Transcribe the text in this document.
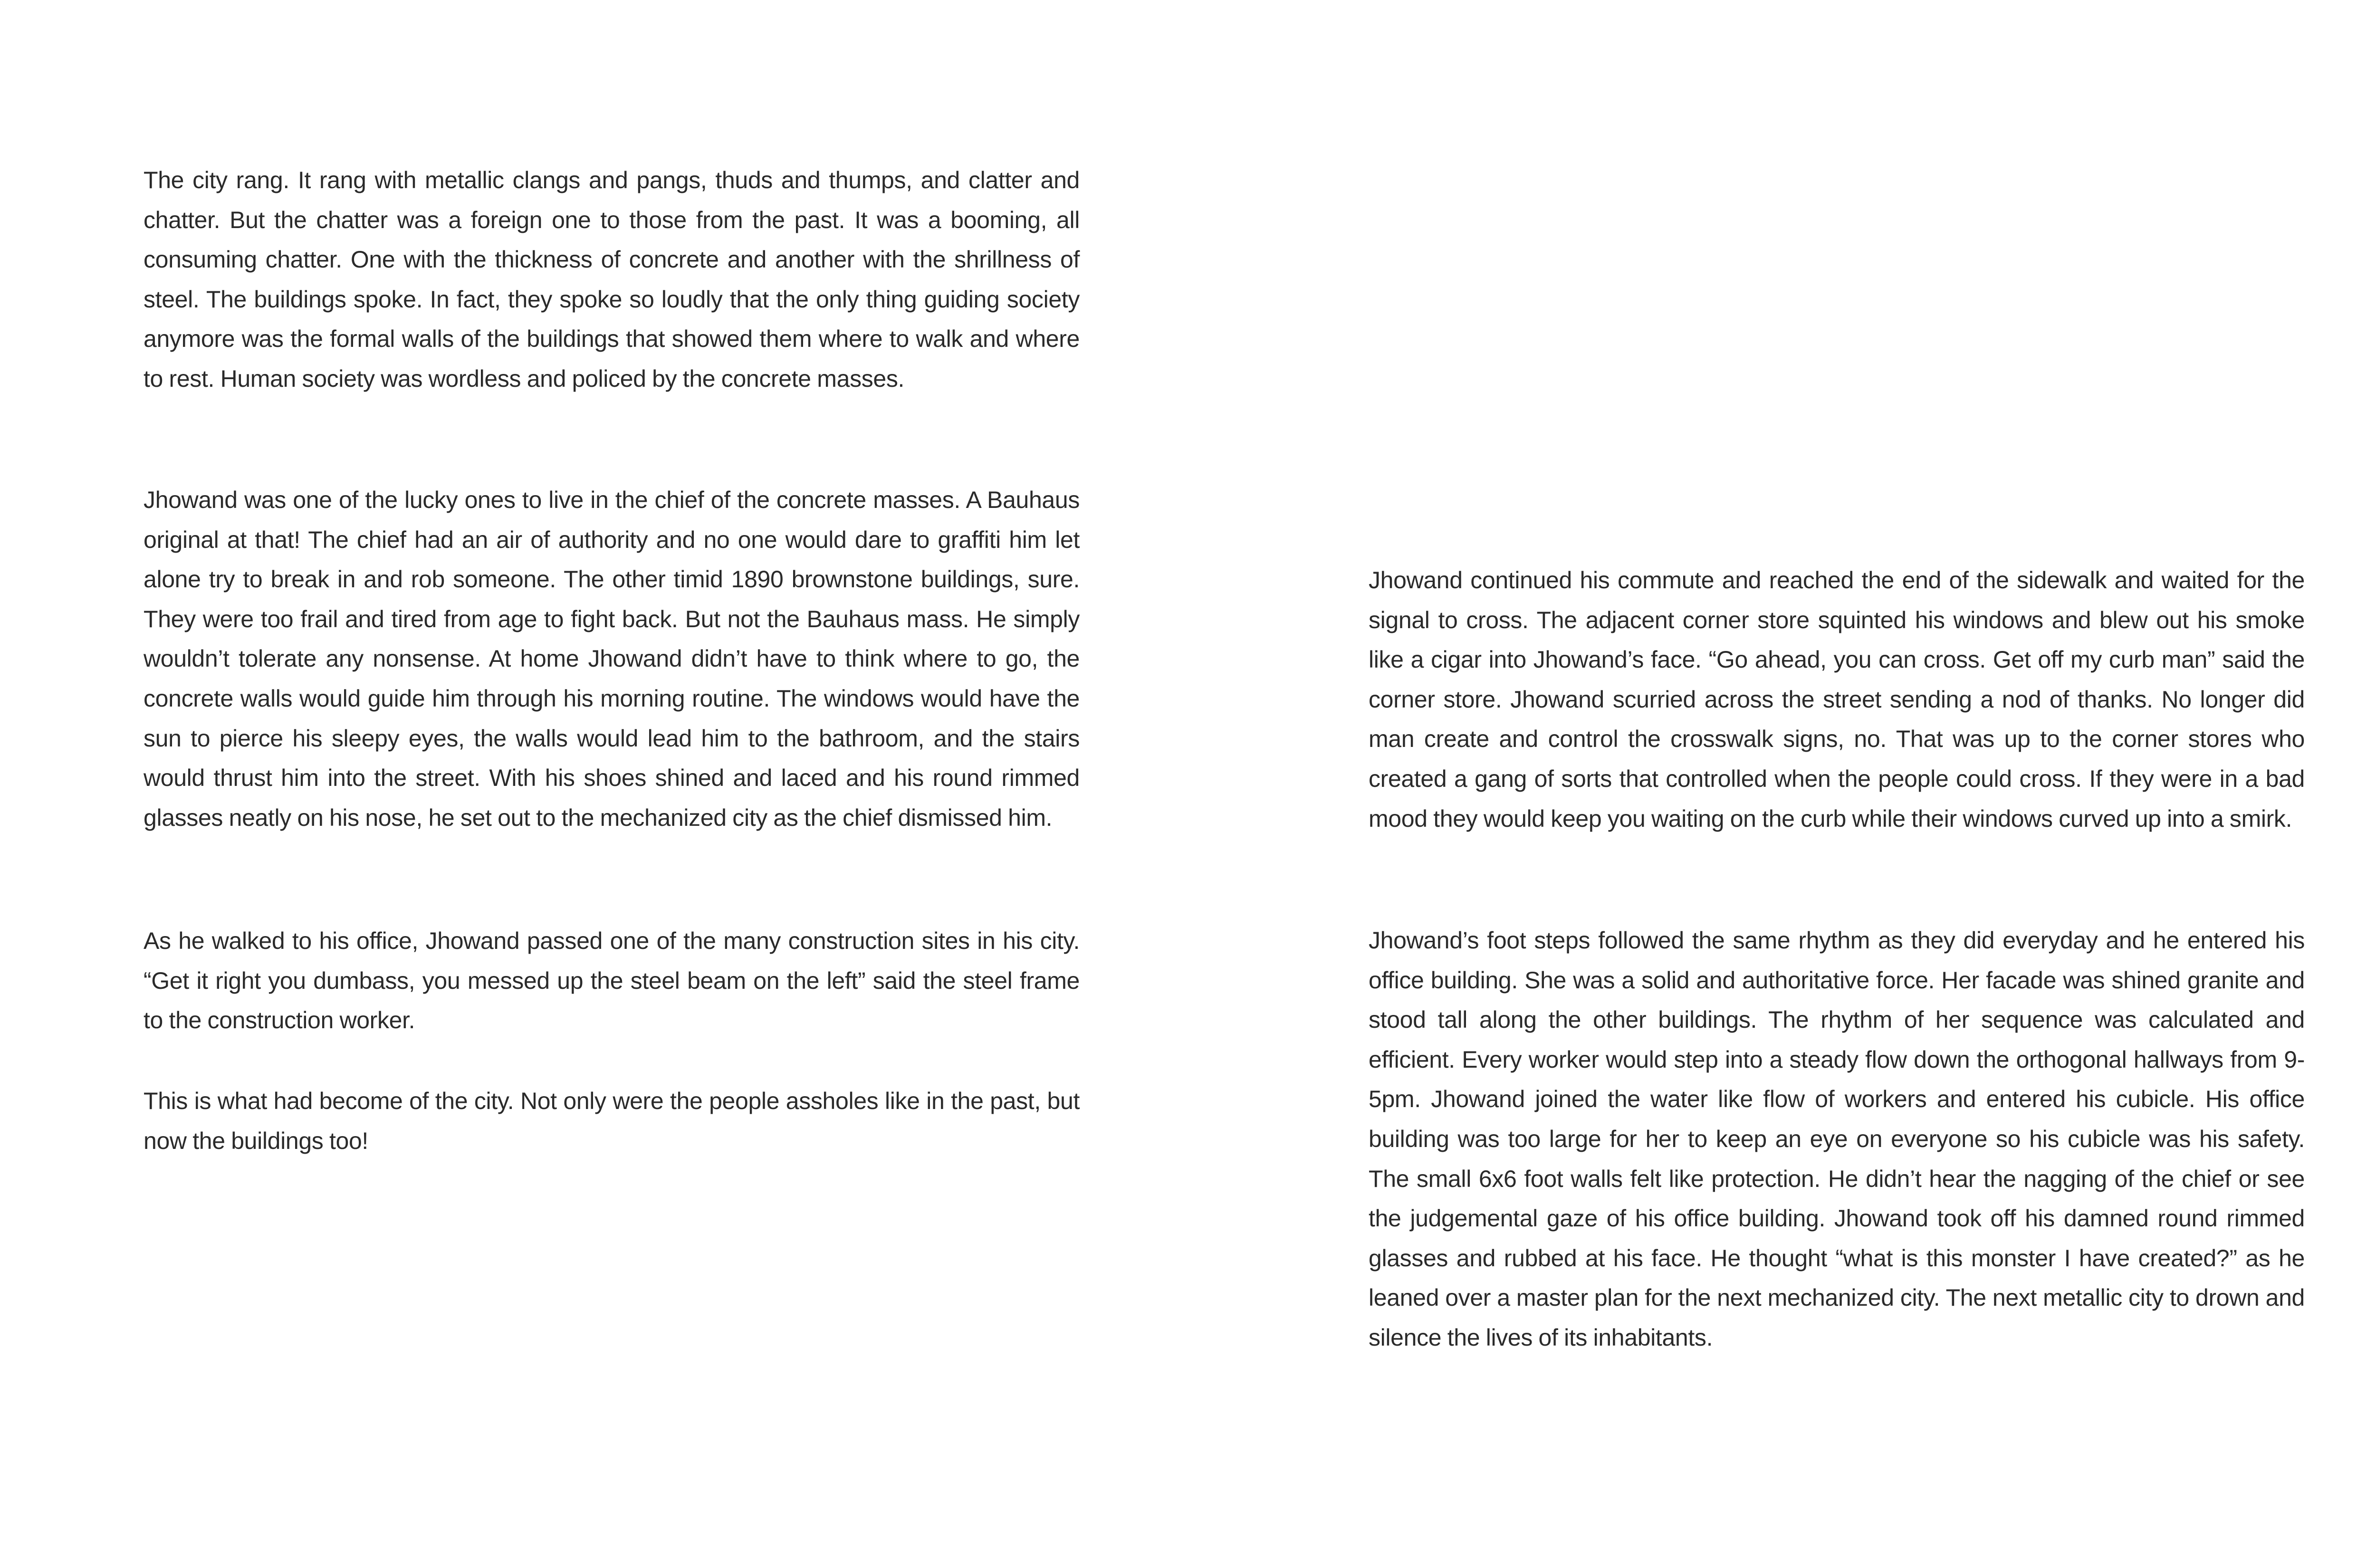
The city rang. It rang with metallic clangs and pangs, thuds and thumps, and clatter and chatter. But the chatter was a foreign one to those from the past. It was a booming, all consuming chatter. One with the thickness of concrete and another with the shrillness of steel. The buildings spoke. In fact, they spoke so loudly that the only thing guiding society anymore was the formal walls of the buildings that showed them where to walk and where to rest. Human society was wordless and policed by the concrete masses.

Jhowand was one of the lucky ones to live in the chief of the concrete masses. A Bauhaus original at that! The chief had an air of authority and no one would dare to graffiti him let alone try to break in and rob someone. The other timid 1890 brownstone buildings, sure. They were too frail and tired from age to fight back. But not the Bauhaus mass. He simply wouldn’t tolerate any nonsense. At home Jhowand didn’t have to think where to go, the concrete walls would guide him through his morning routine. The windows would have the sun to pierce his sleepy eyes, the walls would lead him to the bathroom, and the stairs would thrust him into the street. With his shoes shined and laced and his round rimmed glasses neatly on his nose, he set out to the mechanized city as the chief dismissed him.

As he walked to his office, Jhowand passed one of the many construction sites in his city. “Get it right you dumbass, you messed up the steel beam on the left” said the steel frame to the construction worker.

This is what had become of the city. Not only were the people assholes like in the past, but now the buildings too!

Jhowand continued his commute and reached the end of the sidewalk and waited for the signal to cross. The adjacent corner store squinted his windows and blew out his smoke like a cigar into Jhowand’s face. “Go ahead, you can cross. Get off my curb man” said the corner store. Jhowand scurried across the street sending a nod of thanks. No longer did man create and control the crosswalk signs, no. That was up to the corner stores who created a gang of sorts that controlled when the people could cross. If they were in a bad mood they would keep you waiting on the curb while their windows curved up into a smirk.

Jhowand’s foot steps followed the same rhythm as they did everyday and he entered his office building. She was a solid and authoritative force. Her facade was shined granite and stood tall along the other buildings. The rhythm of her sequence was calculated and efficient. Every worker would step into a steady flow down the orthogonal hallways from 9-5pm. Jhowand joined the water like flow of workers and entered his cubicle. His office building was too large for her to keep an eye on everyone so his cubicle was his safety. The small 6x6 foot walls felt like protection. He didn’t hear the nagging of the chief or see the judgemental gaze of his office building. Jhowand took off his damned round rimmed glasses and rubbed at his face. He thought “what is this monster I have created?” as he leaned over a master plan for the next mechanized city. The next metallic city to drown and silence the lives of its inhabitants.
